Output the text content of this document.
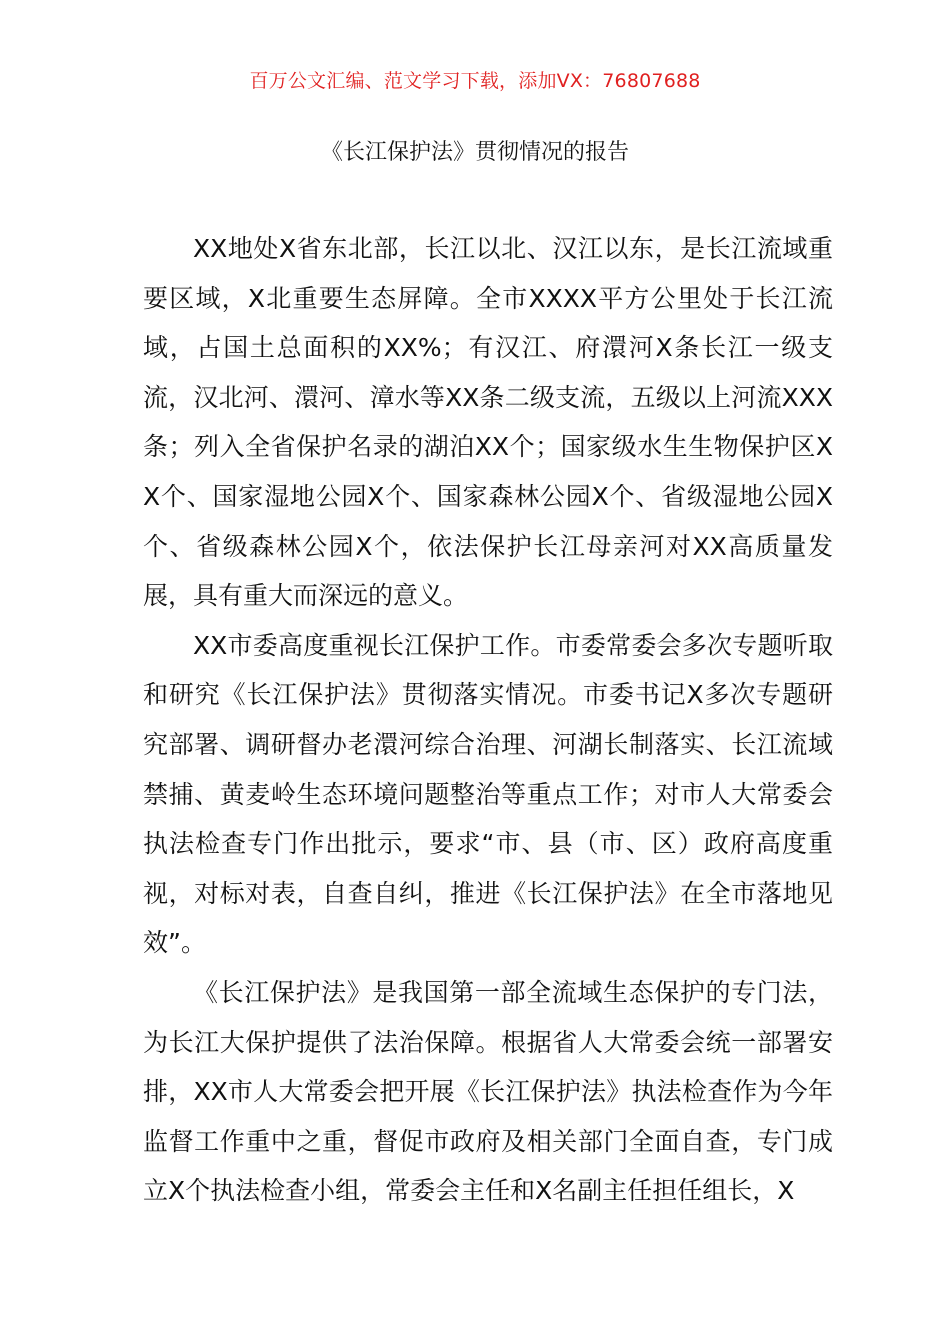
百万公文汇编、范文学习下载，添加VX：76807688
《长江保护法》贯彻情况的报告

XX地处X省东北部，长江以北、汉江以东，是长江流域重要区域，X北重要生态屏障。全市XXXX平方公里处于长江流域，占国土总面积的XX%；有汉江、府澴河X条长江一级支流，汉北河、澴河、漳水等XX条二级支流，五级以上河流XXX条；列入全省保护名录的湖泊XX个；国家级水生生物保护区XX个、国家湿地公园X个、国家森林公园X个、省级湿地公园X个、省级森林公园X个，依法保护长江母亲河对XX高质量发展，具有重大而深远的意义。

XX市委高度重视长江保护工作。市委常委会多次专题听取和研究《长江保护法》贯彻落实情况。市委书记X多次专题研究部署、调研督办老澴河综合治理、河湖长制落实、长江流域禁捕、黄麦岭生态环境问题整治等重点工作；对市人大常委会执法检查专门作出批示，要求“市、县（市、区）政府高度重视，对标对表，自查自纠，推进《长江保护法》在全市落地见效”。

《长江保护法》是我国第一部全流域生态保护的专门法，为长江大保护提供了法治保障。根据省人大常委会统一部署安排，XX市人大常委会把开展《长江保护法》执法检查作为今年监督工作重中之重，督促市政府及相关部门全面自查，专门成立X个执法检查小组，常委会主任和X名副主任担任组长，X
